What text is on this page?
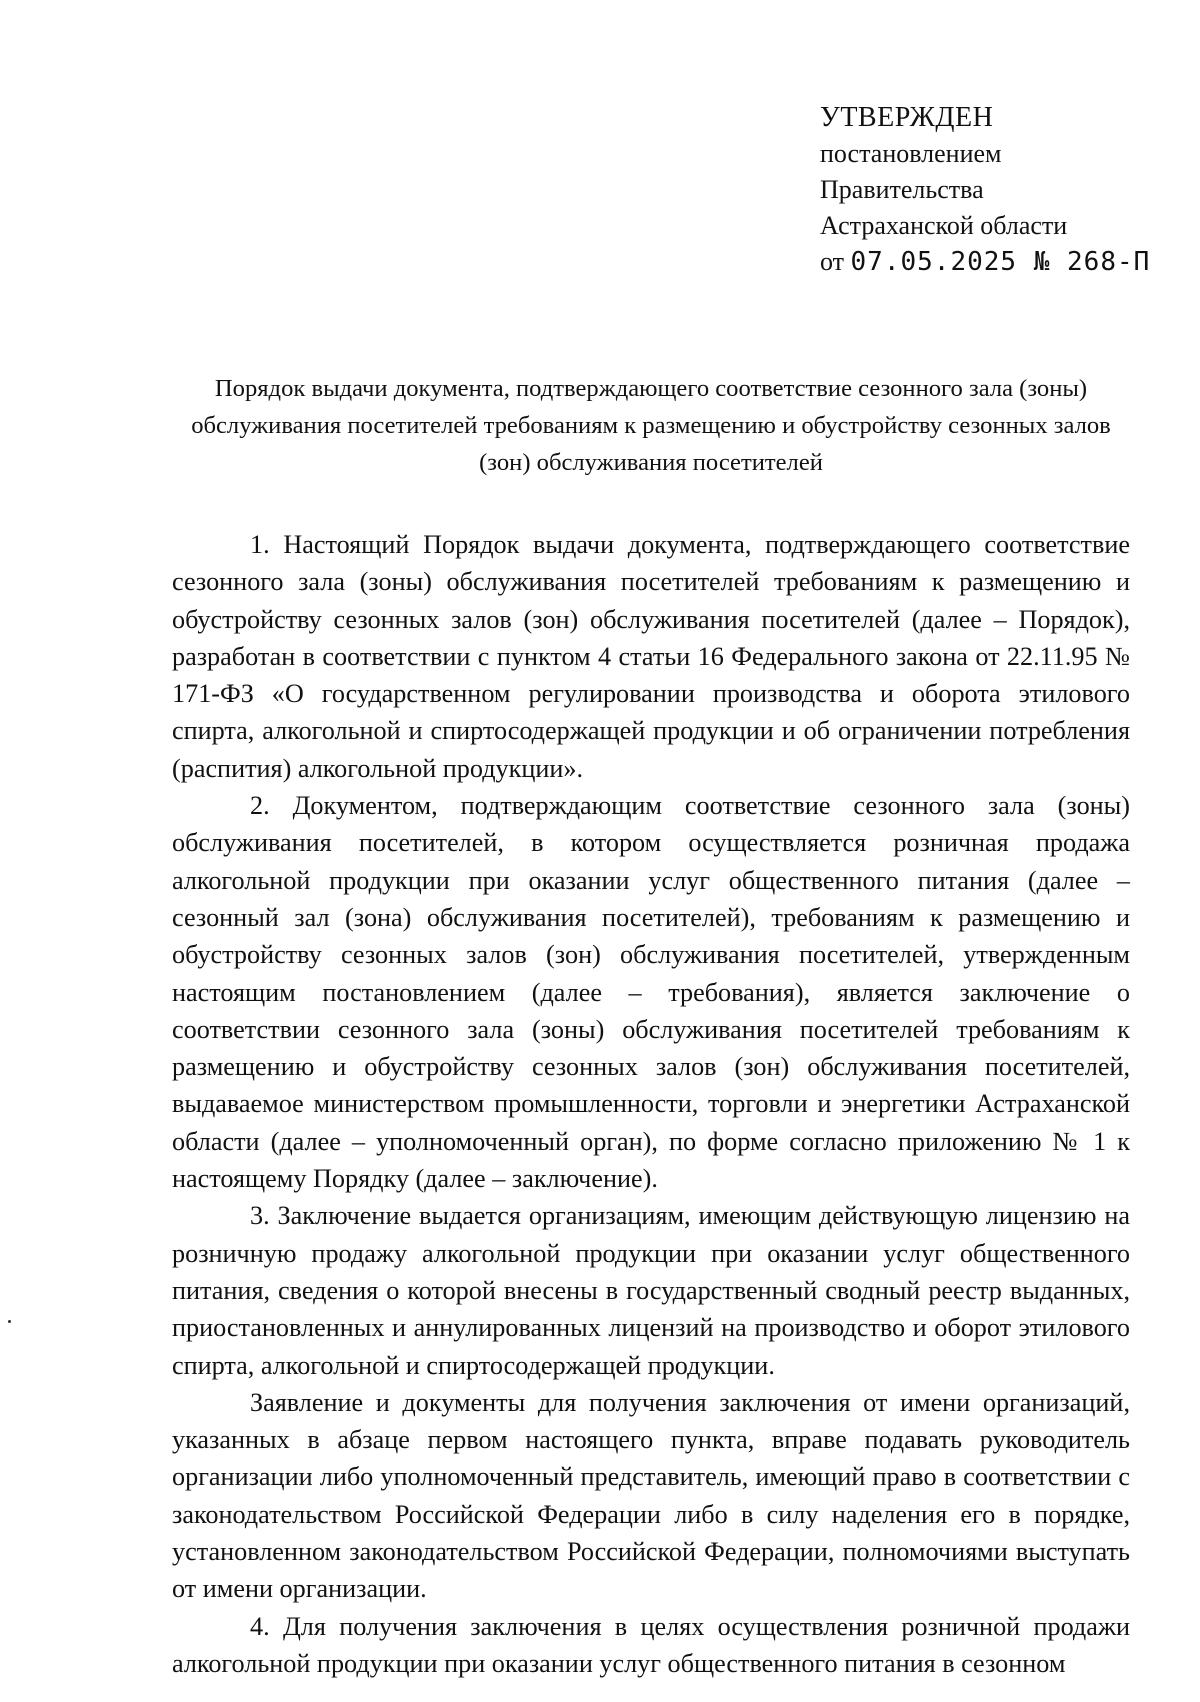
УТВЕРЖДЕН
постановлением
Правительства
Астраханской области
от 07.05.2025 № 268-П
Порядок выдачи документа, подтверждающего соответствие сезонного зала (зоны) обслуживания посетителей требованиям к размещению и обустройству сезонных залов (зон) обслуживания посетителей

1. Настоящий Порядок выдачи документа, подтверждающего соответствие сезонного зала (зоны) обслуживания посетителей требованиям к размещению и обустройству сезонных залов (зон) обслуживания посетителей (далее – Порядок), разработан в соответствии с пунктом 4 статьи 16 Федерального закона от 22.11.95 № 171-ФЗ «О государственном регулировании производства и оборота этилового спирта, алкогольной и спиртосодержащей продукции и об ограничении потребления (распития) алкогольной продукции».

2. Документом, подтверждающим соответствие сезонного зала (зоны) обслуживания посетителей, в котором осуществляется розничная продажа алкогольной продукции при оказании услуг общественного питания (далее – сезонный зал (зона) обслуживания посетителей), требованиям к размещению и обустройству сезонных залов (зон) обслуживания посетителей, утвержденным настоящим постановлением (далее – требования), является заключение о соответствии сезонного зала (зоны) обслуживания посетителей требованиям к размещению и обустройству сезонных залов (зон) обслуживания посетителей, выдаваемое министерством промышленности, торговли и энергетики Астраханской области (далее – уполномоченный орган), по форме согласно приложению № 1 к настоящему Порядку (далее – заключение).

3. Заключение выдается организациям, имеющим действующую лицензию на розничную продажу алкогольной продукции при оказании услуг общественного питания, сведения о которой внесены в государственный сводный реестр выданных, приостановленных и аннулированных лицензий на производство и оборот этилового спирта, алкогольной и спиртосодержащей продукции.

Заявление и документы для получения заключения от имени организаций, указанных в абзаце первом настоящего пункта, вправе подавать руководитель организации либо уполномоченный представитель, имеющий право в соответствии с законодательством Российской Федерации либо в силу наделения его в порядке, установленном законодательством Российской Федерации, полномочиями выступать от имени организации.

4. Для получения заключения в целях осуществления розничной продажи алкогольной продукции при оказании услуг общественного питания в сезонном
